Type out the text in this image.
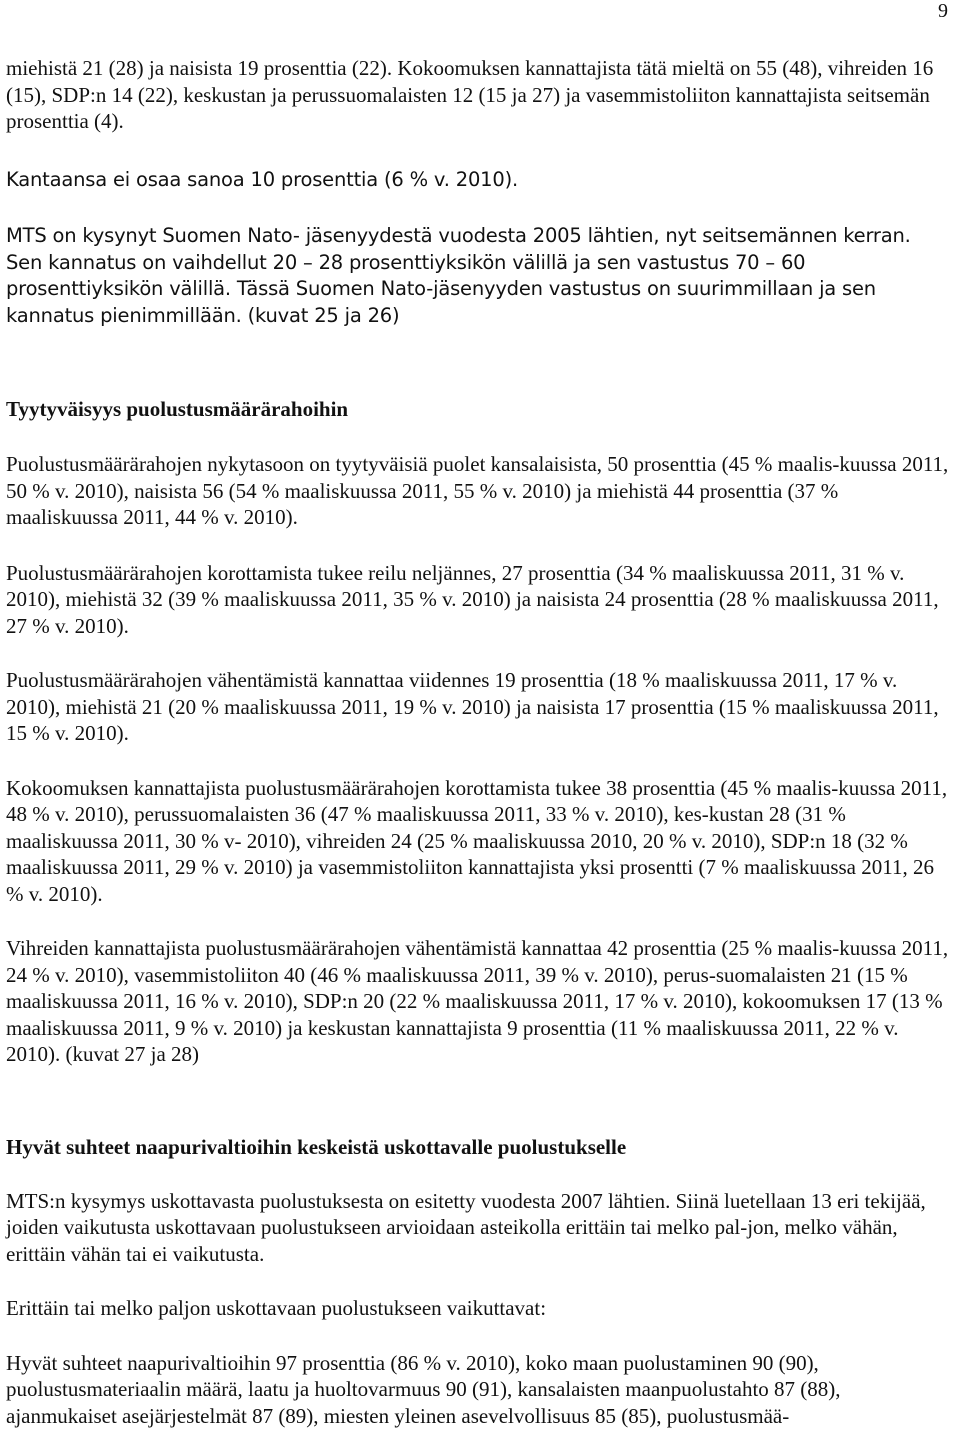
9

miehistä 21 (28) ja naisista 19 prosenttia (22). Kokoomuksen kannattajista tätä mieltä on 55 (48), vihreiden 16 (15), SDP:n 14 (22), keskustan ja perussuomalaisten 12 (15 ja 27) ja vasemmistoliiton kannattajista seitsemän prosenttia (4).

Kantaansa ei osaa sanoa 10 prosenttia (6 % v. 2010).

MTS on kysynyt Suomen Nato- jäsenyydestä vuodesta 2005 lähtien, nyt seitsemännen kerran. Sen kannatus on vaihdellut 20 – 28 prosenttiyksikön välillä ja sen vastustus 70 – 60 prosenttiyksikön välillä. Tässä Suomen Nato-jäsenyyden vastustus on suurimmillaan ja sen kannatus pienimmillään. (kuvat 25 ja 26)

Tyytyväisyys puolustusmäärärahoihin

Puolustusmäärärahojen nykytasoon on tyytyväisiä puolet kansalaisista, 50 prosenttia (45 % maalis-kuussa 2011, 50 % v. 2010), naisista 56 (54 % maaliskuussa 2011, 55 % v. 2010) ja miehistä 44 prosenttia (37 % maaliskuussa 2011, 44 % v. 2010).

Puolustusmäärärahojen korottamista tukee reilu neljännes, 27 prosenttia (34 % maaliskuussa 2011, 31 % v. 2010), miehistä 32 (39 % maaliskuussa 2011, 35 % v. 2010) ja naisista 24 prosenttia (28 % maaliskuussa 2011, 27 % v. 2010).

Puolustusmäärärahojen vähentämistä kannattaa viidennes 19 prosenttia (18 % maaliskuussa 2011, 17 % v. 2010), miehistä 21 (20 % maaliskuussa 2011, 19 % v. 2010) ja naisista 17 prosenttia (15 % maaliskuussa 2011, 15 % v. 2010).

Kokoomuksen kannattajista puolustusmäärärahojen korottamista tukee 38 prosenttia (45 % maalis-kuussa 2011, 48 % v. 2010), perussuomalaisten 36 (47 % maaliskuussa 2011, 33 % v. 2010), kes-kustan 28 (31 % maaliskuussa 2011, 30 % v- 2010), vihreiden 24 (25 % maaliskuussa 2010, 20 % v. 2010), SDP:n 18 (32 % maaliskuussa 2011, 29 % v. 2010) ja vasemmistoliiton kannattajista yksi prosentti (7 % maaliskuussa 2011, 26 % v. 2010).

Vihreiden kannattajista puolustusmäärärahojen vähentämistä kannattaa 42 prosenttia (25 % maalis-kuussa 2011, 24 % v. 2010), vasemmistoliiton 40 (46 % maaliskuussa 2011, 39 % v. 2010), perus-suomalaisten 21 (15 % maaliskuussa 2011, 16 % v. 2010), SDP:n 20 (22 % maaliskuussa 2011, 17 % v. 2010), kokoomuksen 17 (13 % maaliskuussa 2011, 9 % v. 2010) ja keskustan kannattajista 9 prosenttia (11 % maaliskuussa 2011, 22 % v. 2010). (kuvat 27 ja 28)

Hyvät suhteet naapurivaltioihin keskeistä uskottavalle puolustukselle

MTS:n kysymys uskottavasta puolustuksesta on esitetty vuodesta 2007 lähtien. Siinä luetellaan 13 eri tekijää, joiden vaikutusta uskottavaan puolustukseen arvioidaan asteikolla erittäin tai melko pal-jon, melko vähän, erittäin vähän tai ei vaikutusta.

Erittäin tai melko paljon uskottavaan puolustukseen vaikuttavat:

Hyvät suhteet naapurivaltioihin 97 prosenttia (86 % v. 2010), koko maan puolustaminen 90 (90), puolustusmateriaalin määrä, laatu ja huoltovarmuus 90 (91), kansalaisten maanpuolustahto 87 (88), ajanmukaiset asejärjestelmät 87 (89), miesten yleinen asevelvollisuus 85 (85), puolustusmää-
